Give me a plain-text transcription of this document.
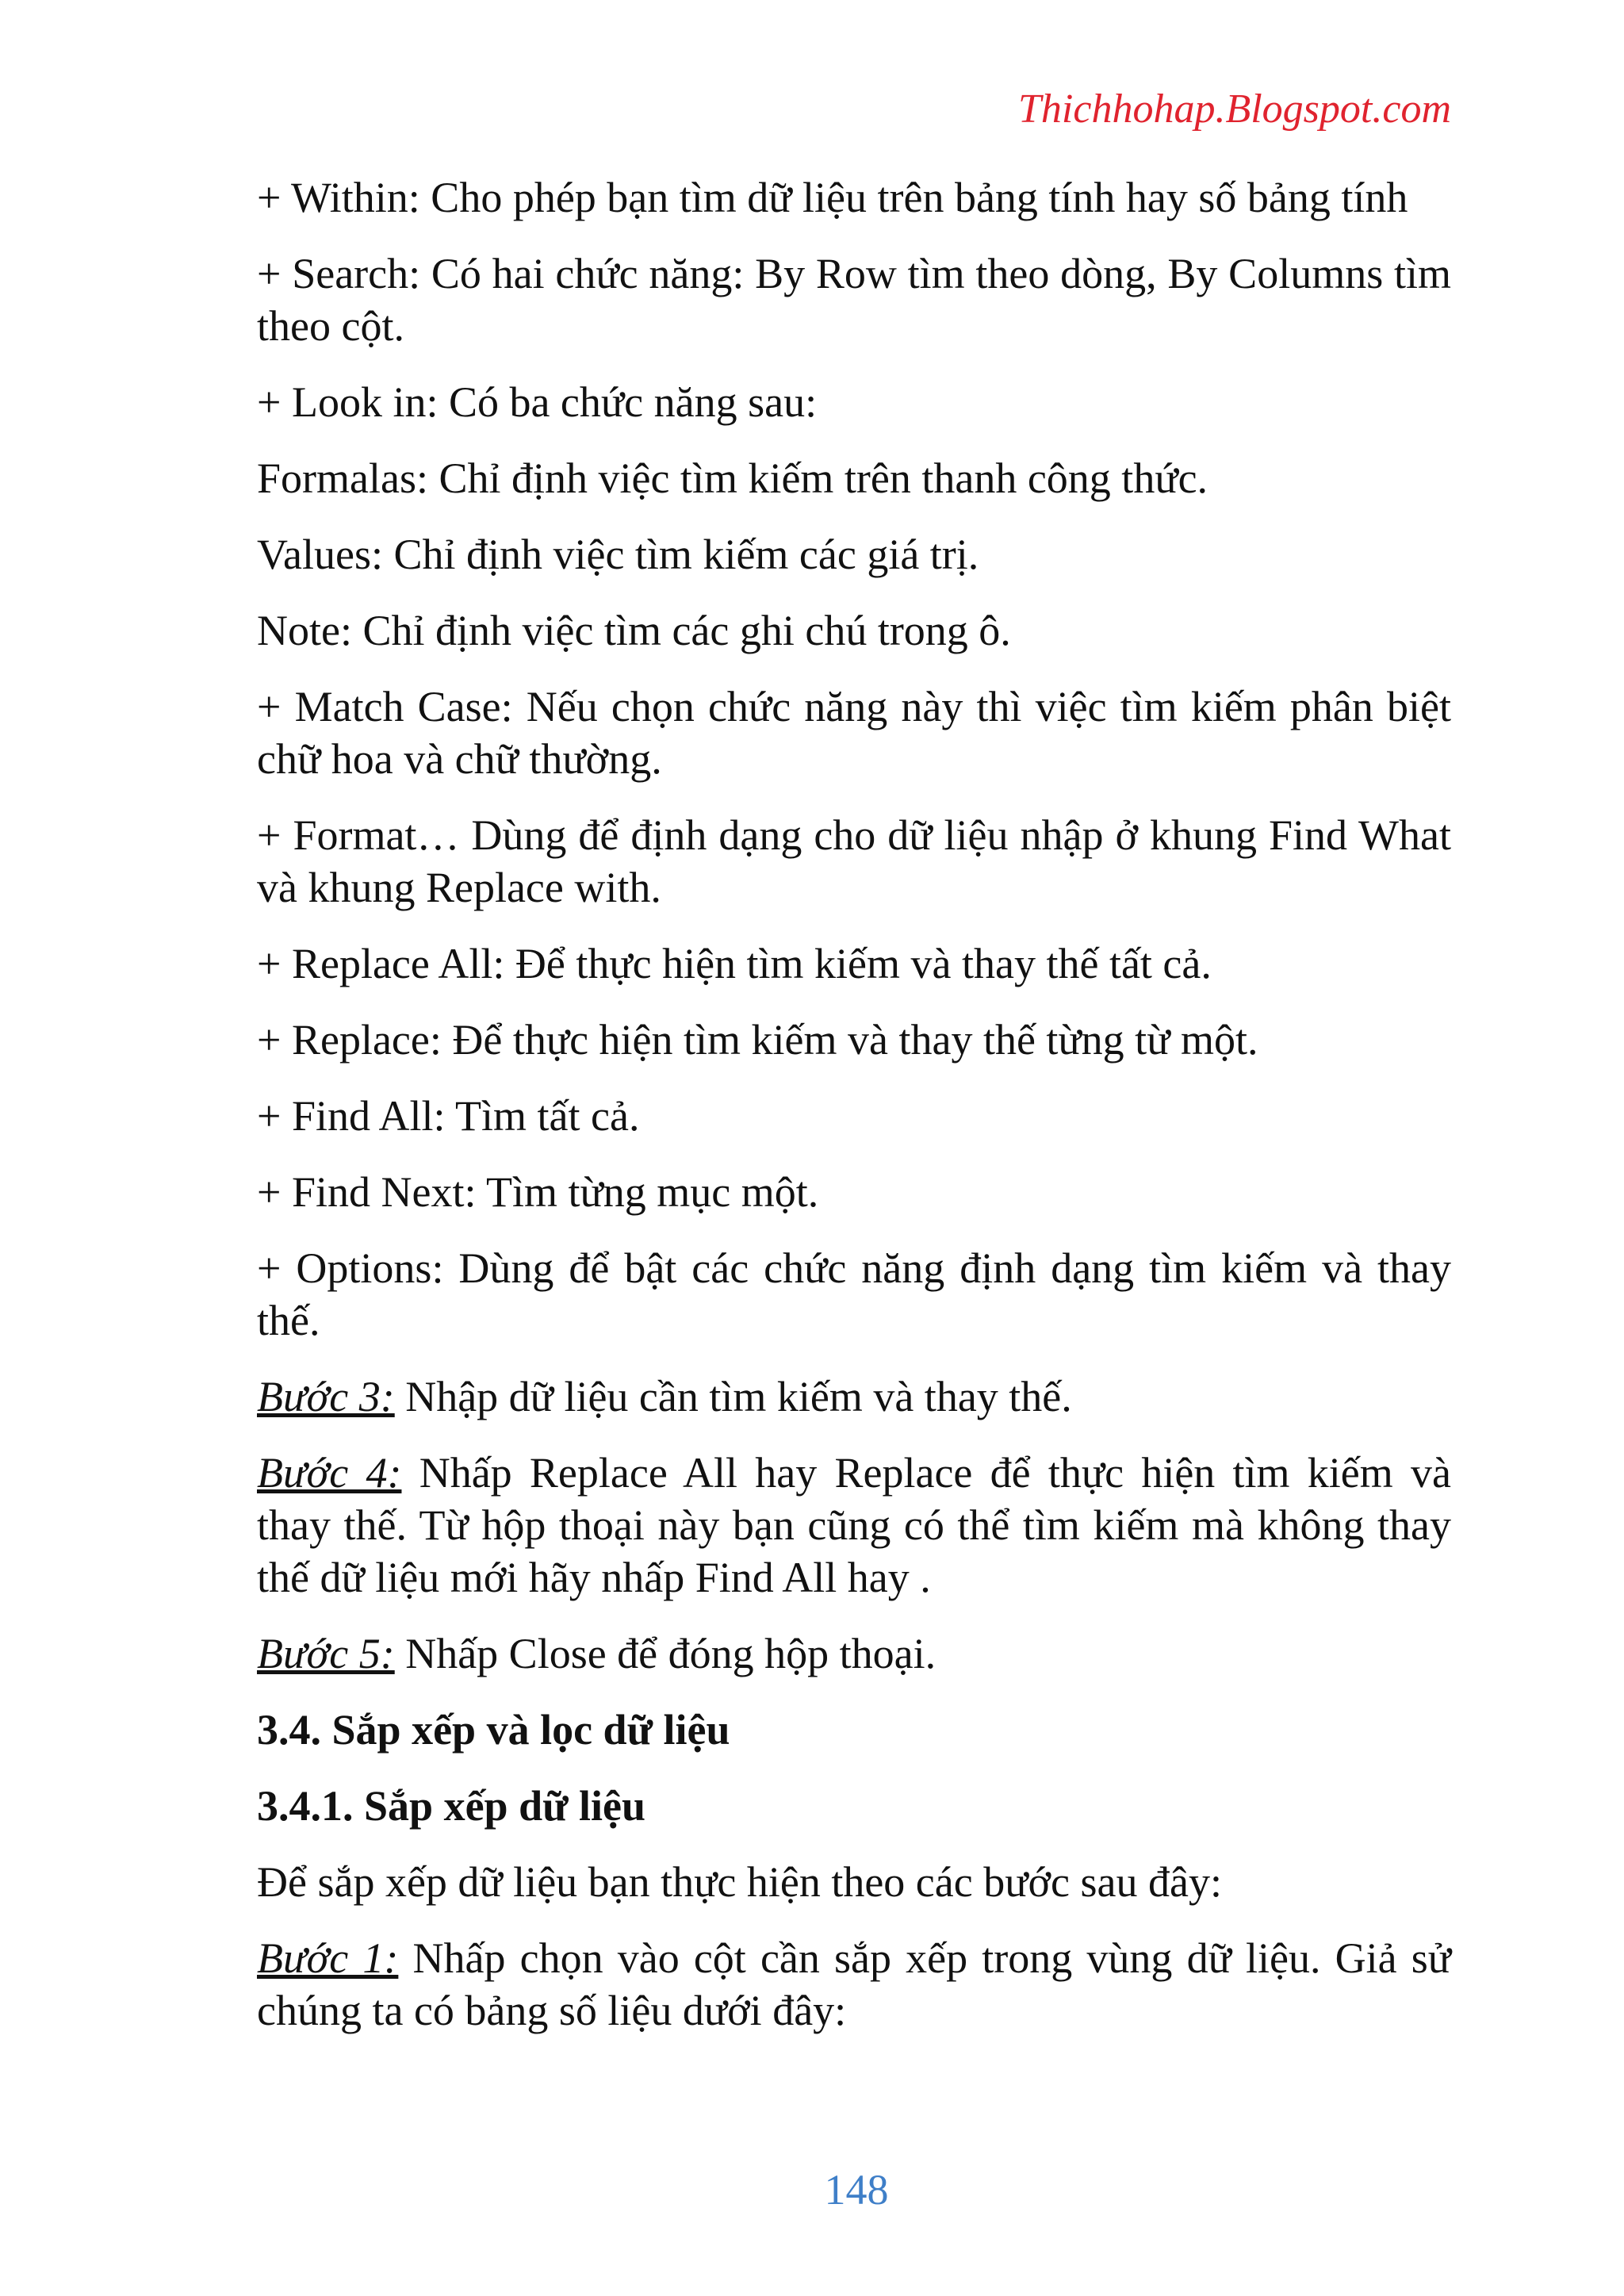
Thichhohap.Blogspot.com

+ Within: Cho phép bạn tìm dữ liệu trên bảng tính hay số bảng tính

+ Search: Có hai chức năng: By Row tìm theo dòng, By Columns tìm theo cột.

+ Look in: Có ba chức năng sau:

Formalas: Chỉ định việc tìm kiếm trên thanh công thức.

Values: Chỉ định việc tìm kiếm các giá trị.

Note: Chỉ định việc tìm các ghi chú trong ô.

+ Match Case: Nếu chọn chức năng này thì việc tìm kiếm phân biệt chữ hoa và chữ thường.

+ Format… Dùng để định dạng cho dữ liệu nhập ở khung Find What và khung Replace with.

+ Replace All: Để thực hiện tìm kiếm và thay thế tất cả.

+ Replace: Để thực hiện tìm kiếm và thay thế từng từ một.

+ Find All: Tìm tất cả.

+ Find Next: Tìm từng mục một.

+ Options: Dùng để bật các chức năng định dạng tìm kiếm và thay thế.

Bước 3: Nhập dữ liệu cần tìm kiếm và thay thế.

Bước 4: Nhấp Replace All hay Replace để thực hiện tìm kiếm và thay thế. Từ hộp thoại này bạn cũng có thể tìm kiếm mà không thay thế dữ liệu mới hãy nhấp Find All hay .

Bước 5: Nhấp Close để đóng hộp thoại.

3.4. Sắp xếp và lọc dữ liệu
3.4.1. Sắp xếp dữ liệu

Để sắp xếp dữ liệu bạn thực hiện theo các bước sau đây:

Bước 1: Nhấp chọn vào cột cần sắp xếp trong vùng dữ liệu. Giả sử chúng ta có bảng số liệu dưới đây:

148
